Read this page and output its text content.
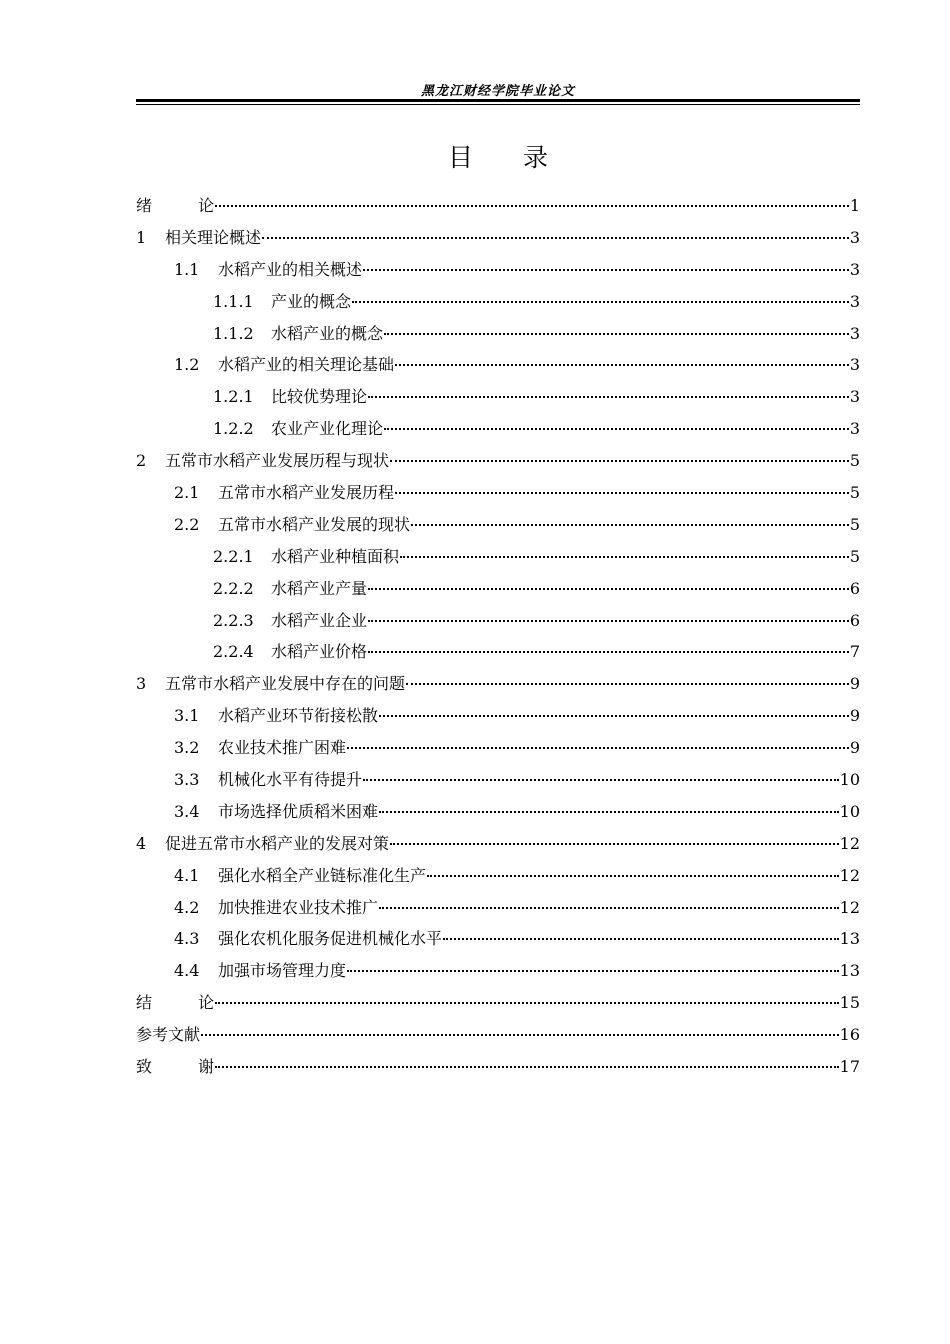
黑龙江财经学院毕业论文
目 录
绪	论	1
1	相关理论概述	3
1.1	水稻产业的相关概述	3
1.1.1	产业的概念	3
1.1.2	水稻产业的概念	3
1.2	水稻产业的相关理论基础	3
1.2.1	比较优势理论	3
1.2.2	农业产业化理论	3
2	五常市水稻产业发展历程与现状	5
2.1	五常市水稻产业发展历程	5
2.2	五常市水稻产业发展的现状	5
2.2.1	水稻产业种植面积	5
2.2.2	水稻产业产量	6
2.2.3	水稻产业企业	6
2.2.4	水稻产业价格	7
3	五常市水稻产业发展中存在的问题	9
3.1	水稻产业环节衔接松散	9
3.2	农业技术推广困难	9
3.3	机械化水平有待提升	10
3.4	市场选择优质稻米困难	10
4	促进五常市水稻产业的发展对策	12
4.1	强化水稻全产业链标准化生产	12
4.2	加快推进农业技术推广	12
4.3	强化农机化服务促进机械化水平	13
4.4	加强市场管理力度	13
结	论	15
参考文献	16
致	谢	17
